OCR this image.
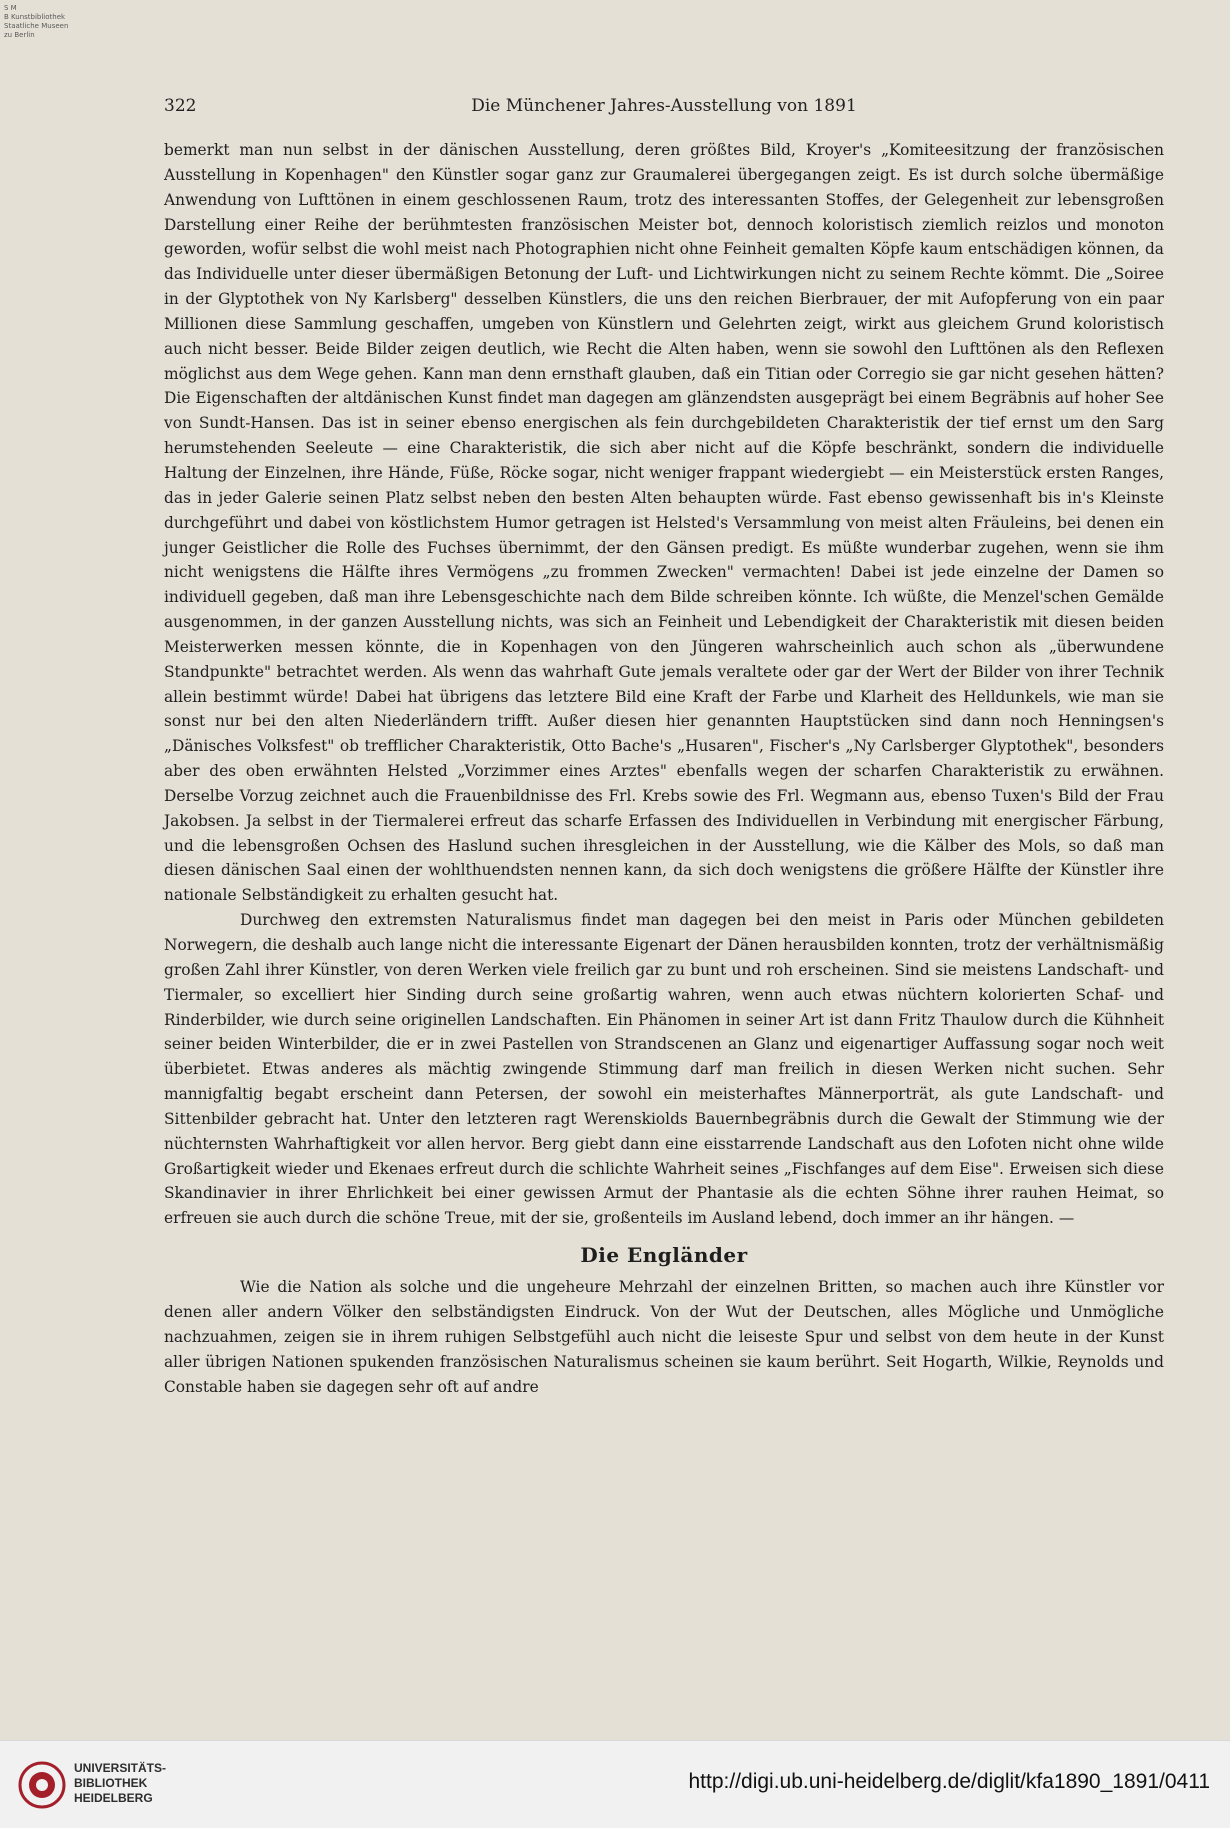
S M
B Kunstbibliothek
Staatliche Museen
zu Berlin
322	Die Münchener Jahres-Ausstellung von 1891

bemerkt man nun selbst in der dänischen Ausstellung, deren größtes Bild, Kroyer's „Komiteesitzung der französischen Ausstellung in Kopenhagen" den Künstler sogar ganz zur Graumalerei übergegangen zeigt. Es ist durch solche übermäßige Anwendung von Lufttönen in einem geschlossenen Raum, trotz des interessanten Stoffes, der Gelegenheit zur lebensgroßen Darstellung einer Reihe der berühmtesten französischen Meister bot, dennoch koloristisch ziemlich reizlos und monoton geworden, wofür selbst die wohl meist nach Photographien nicht ohne Feinheit gemalten Köpfe kaum entschädigen können, da das Individuelle unter dieser übermäßigen Betonung der Luft- und Lichtwirkungen nicht zu seinem Rechte kömmt. Die „Soiree in der Glyptothek von Ny Karlsberg" desselben Künstlers, die uns den reichen Bierbrauer, der mit Aufopferung von ein paar Millionen diese Sammlung geschaffen, umgeben von Künstlern und Gelehrten zeigt, wirkt aus gleichem Grund koloristisch auch nicht besser. Beide Bilder zeigen deutlich, wie Recht die Alten haben, wenn sie sowohl den Lufttönen als den Reflexen möglichst aus dem Wege gehen. Kann man denn ernsthaft glauben, daß ein Titian oder Corregio sie gar nicht gesehen hätten? Die Eigenschaften der altdänischen Kunst findet man dagegen am glänzendsten ausgeprägt bei einem Begräbnis auf hoher See von Sundt-Hansen. Das ist in seiner ebenso energischen als fein durchgebildeten Charakteristik der tief ernst um den Sarg herumstehenden Seeleute — eine Charakteristik, die sich aber nicht auf die Köpfe beschränkt, sondern die individuelle Haltung der Einzelnen, ihre Hände, Füße, Röcke sogar, nicht weniger frappant wiedergiebt — ein Meisterstück ersten Ranges, das in jeder Galerie seinen Platz selbst neben den besten Alten behaupten würde. Fast ebenso gewissenhaft bis in's Kleinste durchgeführt und dabei von köstlichstem Humor getragen ist Helsted's Versammlung von meist alten Fräuleins, bei denen ein junger Geistlicher die Rolle des Fuchses übernimmt, der den Gänsen predigt. Es müßte wunderbar zugehen, wenn sie ihm nicht wenigstens die Hälfte ihres Vermögens „zu frommen Zwecken" vermachten! Dabei ist jede einzelne der Damen so individuell gegeben, daß man ihre Lebensgeschichte nach dem Bilde schreiben könnte. Ich wüßte, die Menzel'schen Gemälde ausgenommen, in der ganzen Ausstellung nichts, was sich an Feinheit und Lebendigkeit der Charakteristik mit diesen beiden Meisterwerken messen könnte, die in Kopenhagen von den Jüngeren wahrscheinlich auch schon als „überwundene Standpunkte" betrachtet werden. Als wenn das wahrhaft Gute jemals veraltete oder gar der Wert der Bilder von ihrer Technik allein bestimmt würde! Dabei hat übrigens das letztere Bild eine Kraft der Farbe und Klarheit des Helldunkels, wie man sie sonst nur bei den alten Niederländern trifft. Außer diesen hier genannten Hauptstücken sind dann noch Henningsen's „Dänisches Volksfest" ob trefflicher Charakteristik, Otto Bache's „Husaren", Fischer's „Ny Carlsberger Glyptothek", besonders aber des oben erwähnten Helsted „Vorzimmer eines Arztes" ebenfalls wegen der scharfen Charakteristik zu erwähnen. Derselbe Vorzug zeichnet auch die Frauenbildnisse des Frl. Krebs sowie des Frl. Wegmann aus, ebenso Tuxen's Bild der Frau Jakobsen. Ja selbst in der Tiermalerei erfreut das scharfe Erfassen des Individuellen in Verbindung mit energischer Färbung, und die lebensgroßen Ochsen des Haslund suchen ihresgleichen in der Ausstellung, wie die Kälber des Mols, so daß man diesen dänischen Saal einen der wohlthuendsten nennen kann, da sich doch wenigstens die größere Hälfte der Künstler ihre nationale Selbständigkeit zu erhalten gesucht hat.

Durchweg den extremsten Naturalismus findet man dagegen bei den meist in Paris oder München gebildeten Norwegern, die deshalb auch lange nicht die interessante Eigenart der Dänen herausbilden konnten, trotz der verhältnismäßig großen Zahl ihrer Künstler, von deren Werken viele freilich gar zu bunt und roh erscheinen. Sind sie meistens Landschaft- und Tiermaler, so excelliert hier Sinding durch seine großartig wahren, wenn auch etwas nüchtern kolorierten Schaf- und Rinderbilder, wie durch seine originellen Landschaften. Ein Phänomen in seiner Art ist dann Fritz Thaulow durch die Kühnheit seiner beiden Winterbilder, die er in zwei Pastellen von Strandscenen an Glanz und eigenartiger Auffassung sogar noch weit überbietet. Etwas anderes als mächtig zwingende Stimmung darf man freilich in diesen Werken nicht suchen. Sehr mannigfaltig begabt erscheint dann Petersen, der sowohl ein meisterhaftes Männerporträt, als gute Landschaft- und Sittenbilder gebracht hat. Unter den letzteren ragt Werenskiolds Bauernbegräbnis durch die Gewalt der Stimmung wie der nüchternsten Wahrhaftigkeit vor allen hervor. Berg giebt dann eine eisstarrende Landschaft aus den Lofoten nicht ohne wilde Großartigkeit wieder und Ekenaes erfreut durch die schlichte Wahrheit seines „Fischfanges auf dem Eise". Erweisen sich diese Skandinavier in ihrer Ehrlichkeit bei einer gewissen Armut der Phantasie als die echten Söhne ihrer rauhen Heimat, so erfreuen sie auch durch die schöne Treue, mit der sie, großenteils im Ausland lebend, doch immer an ihr hängen. —

Die Engländer

Wie die Nation als solche und die ungeheure Mehrzahl der einzelnen Britten, so machen auch ihre Künstler vor denen aller andern Völker den selbständigsten Eindruck. Von der Wut der Deutschen, alles Mögliche und Unmögliche nachzuahmen, zeigen sie in ihrem ruhigen Selbstgefühl auch nicht die leiseste Spur und selbst von dem heute in der Kunst aller übrigen Nationen spukenden französischen Naturalismus scheinen sie kaum berührt. Seit Hogarth, Wilkie, Reynolds und Constable haben sie dagegen sehr oft auf andre

UNIVERSITÄTS-
BIBLIOTHEK
HEIDELBERG
http://digi.ub.uni-heidelberg.de/diglit/kfa1890_1891/0411
